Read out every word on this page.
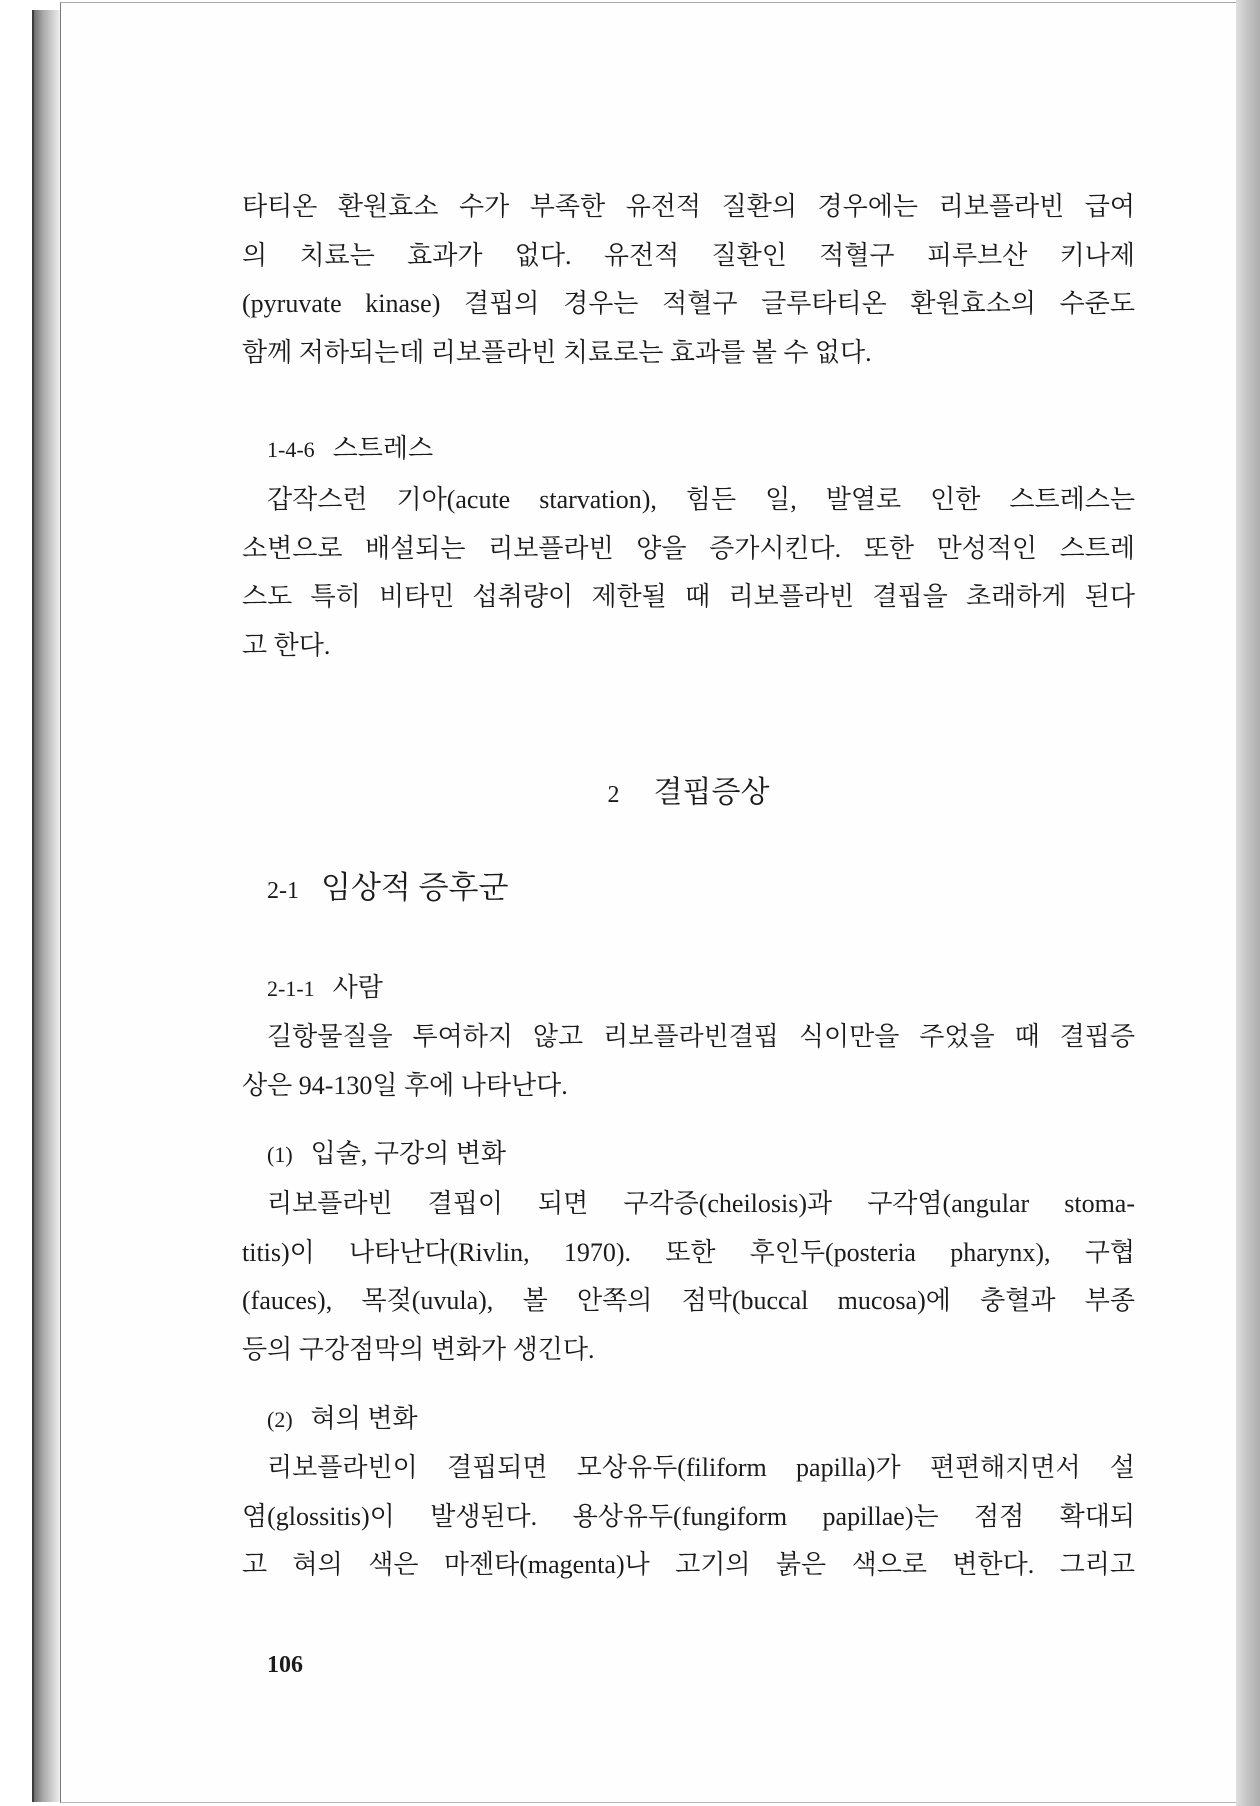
타티온 환원효소 수가 부족한 유전적 질환의 경우에는 리보플라빈 급여
의 치료는 효과가 없다. 유전적 질환인 적혈구 피루브산 키나제
(pyruvate kinase) 결핍의 경우는 적혈구 글루타티온 환원효소의 수준도
함께 저하되는데 리보플라빈 치료로는 효과를 볼 수 없다.
1-4-6 스트레스
갑작스런 기아(acute starvation), 힘든 일, 발열로 인한 스트레스는
소변으로 배설되는 리보플라빈 양을 증가시킨다. 또한 만성적인 스트레
스도 특히 비타민 섭취량이 제한될 때 리보플라빈 결핍을 초래하게 된다
고 한다.
2 결핍증상
2-1 임상적 증후군
2-1-1 사람
길항물질을 투여하지 않고 리보플라빈결핍 식이만을 주었을 때 결핍증
상은 94-130일 후에 나타난다.
(1) 입술, 구강의 변화
리보플라빈 결핍이 되면 구각증(cheilosis)과 구각염(angular stoma-
titis)이 나타난다(Rivlin, 1970). 또한 후인두(posteria pharynx), 구협
(fauces), 목젖(uvula), 볼 안쪽의 점막(buccal mucosa)에 충혈과 부종
등의 구강점막의 변화가 생긴다.
(2) 혀의 변화
리보플라빈이 결핍되면 모상유두(filiform papilla)가 편편해지면서 설
염(glossitis)이 발생된다. 용상유두(fungiform papillae)는 점점 확대되
고 혀의 색은 마젠타(magenta)나 고기의 붉은 색으로 변한다. 그리고
106
